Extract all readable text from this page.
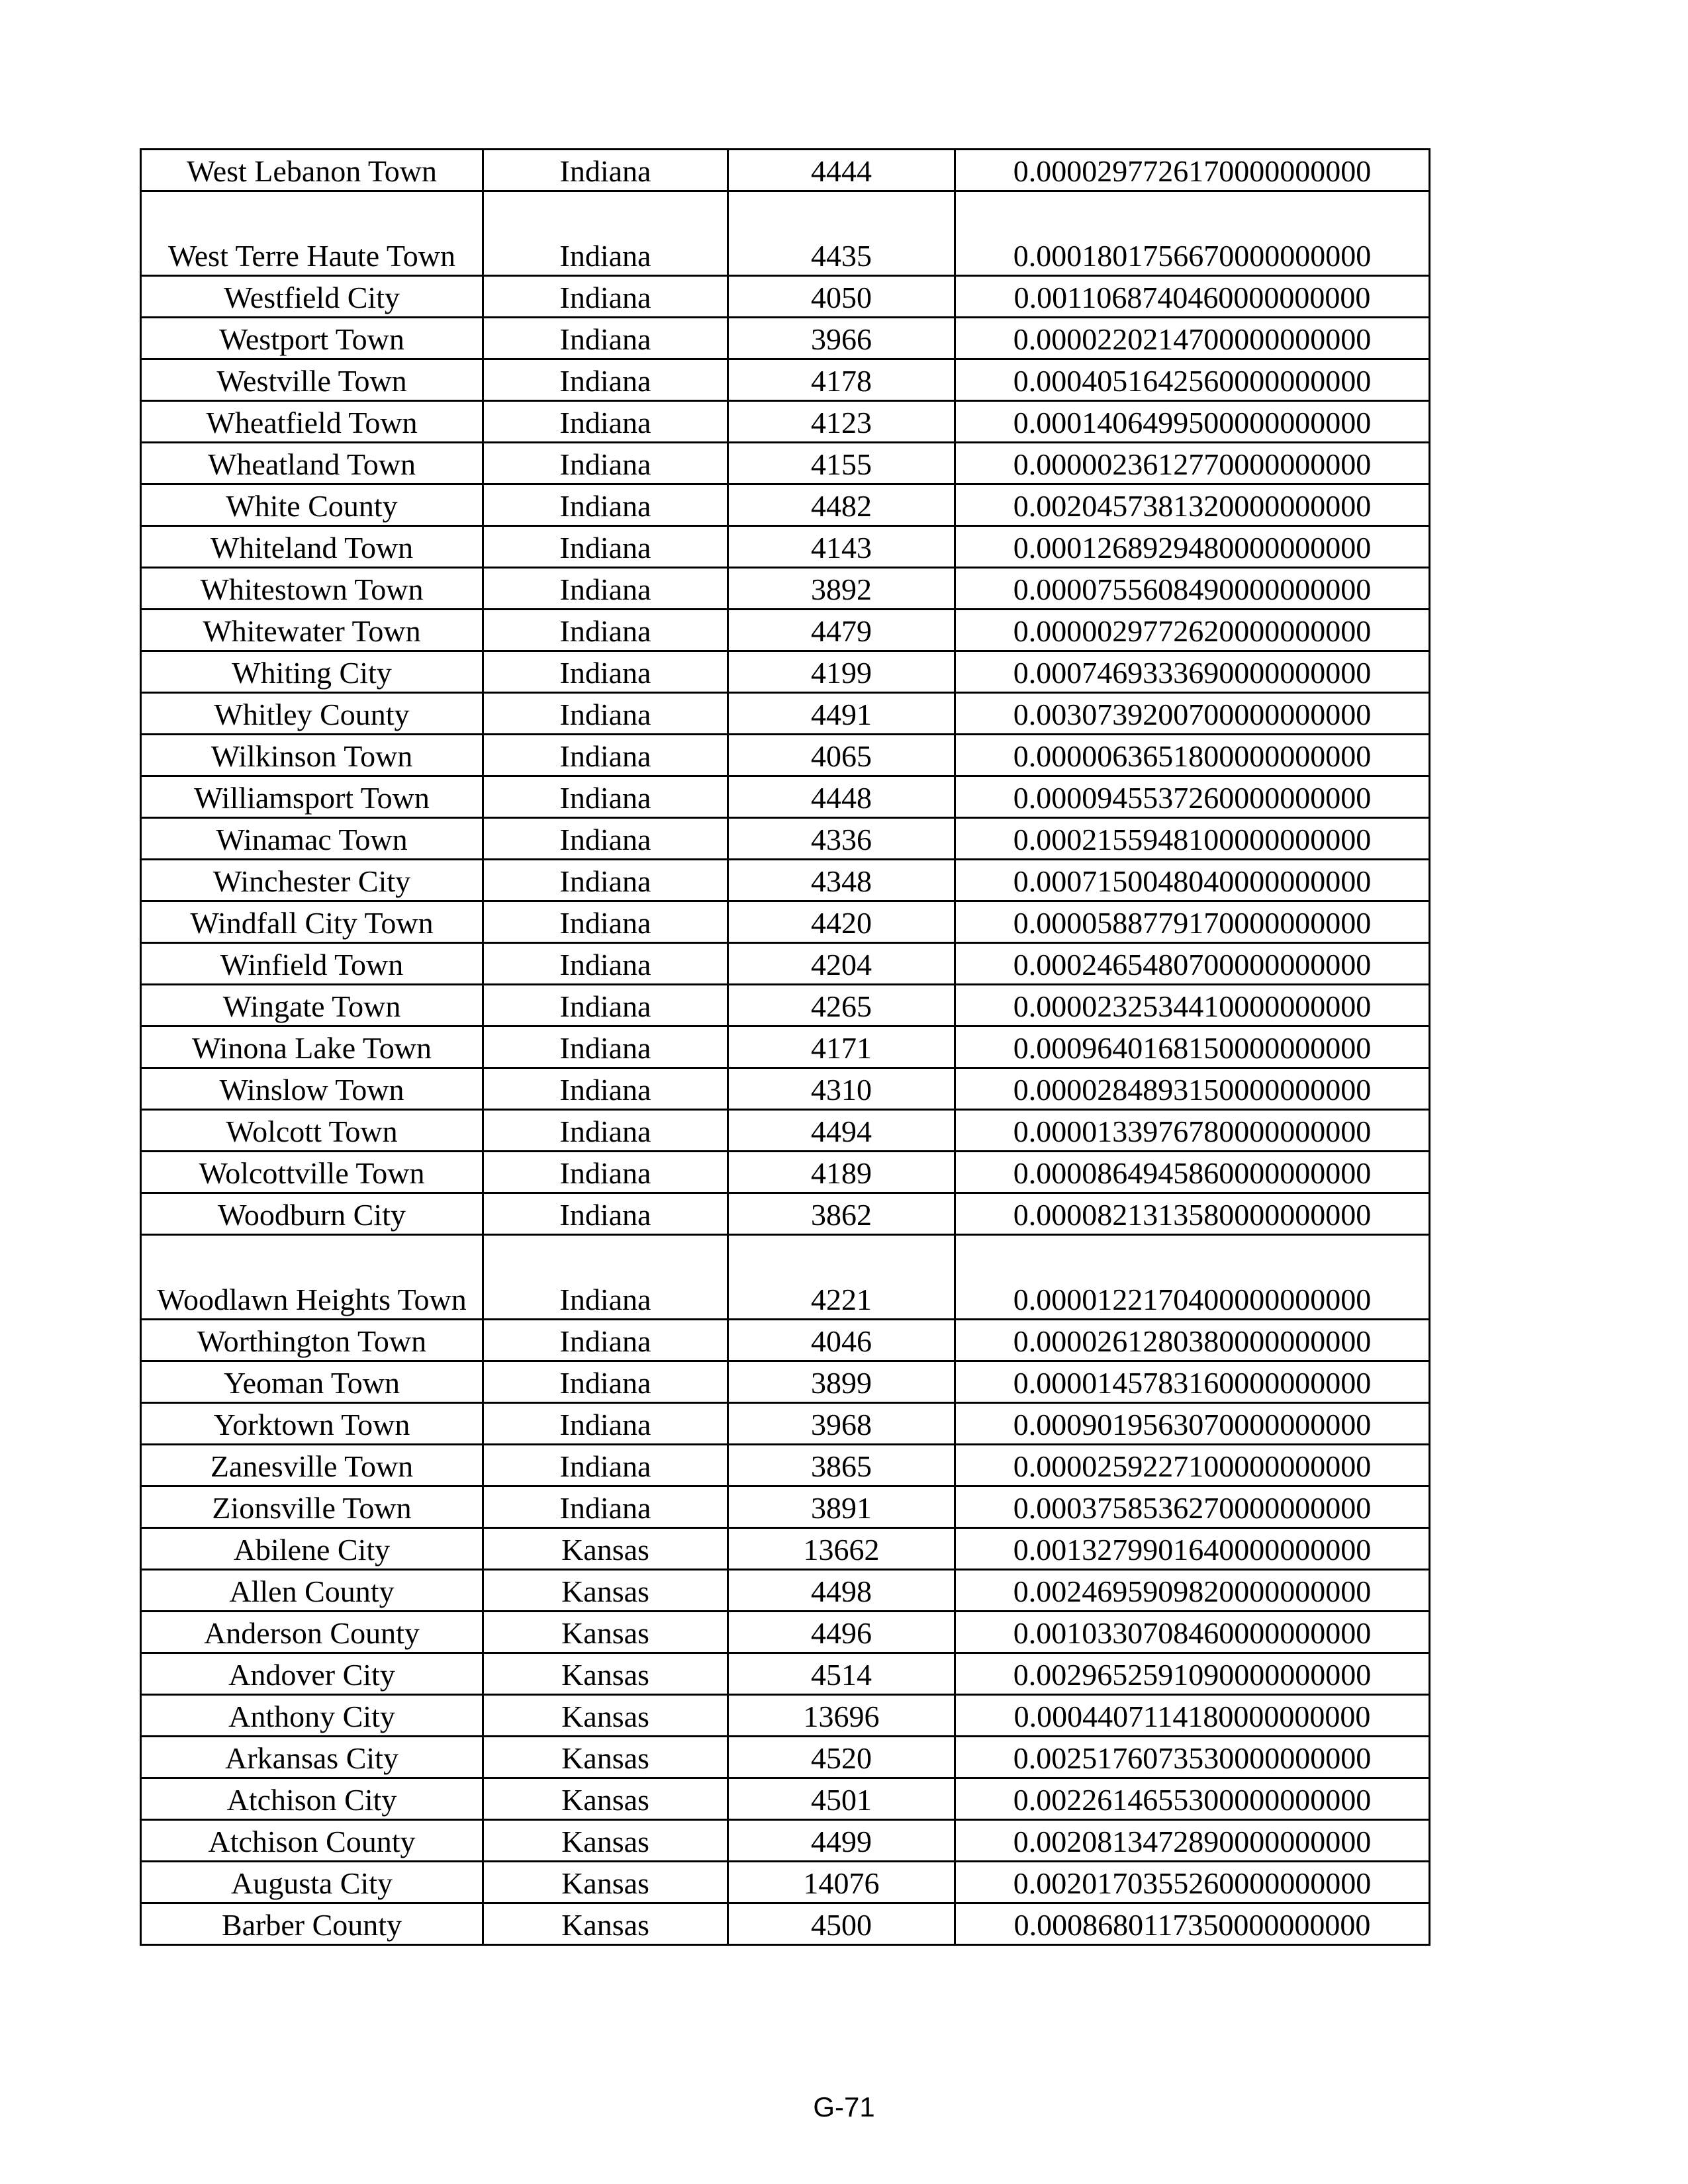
West Lebanon Town	Indiana	4444	0.0000297726170000000000
West Terre Haute Town	Indiana	4435	0.0001801756670000000000
Westfield City	Indiana	4050	0.0011068740460000000000
Westport Town	Indiana	3966	0.0000220214700000000000
Westville Town	Indiana	4178	0.0004051642560000000000
Wheatfield Town	Indiana	4123	0.0001406499500000000000
Wheatland Town	Indiana	4155	0.0000023612770000000000
White County	Indiana	4482	0.0020457381320000000000
Whiteland Town	Indiana	4143	0.0001268929480000000000
Whitestown Town	Indiana	3892	0.0000755608490000000000
Whitewater Town	Indiana	4479	0.0000029772620000000000
Whiting City	Indiana	4199	0.0007469333690000000000
Whitley County	Indiana	4491	0.0030739200700000000000
Wilkinson Town	Indiana	4065	0.0000063651800000000000
Williamsport Town	Indiana	4448	0.0000945537260000000000
Winamac Town	Indiana	4336	0.0002155948100000000000
Winchester City	Indiana	4348	0.0007150048040000000000
Windfall City Town	Indiana	4420	0.0000588779170000000000
Winfield Town	Indiana	4204	0.0002465480700000000000
Wingate Town	Indiana	4265	0.0000232534410000000000
Winona Lake Town	Indiana	4171	0.0009640168150000000000
Winslow Town	Indiana	4310	0.0000284893150000000000
Wolcott Town	Indiana	4494	0.0000133976780000000000
Wolcottville Town	Indiana	4189	0.0000864945860000000000
Woodburn City	Indiana	3862	0.0000821313580000000000
Woodlawn Heights Town	Indiana	4221	0.0000122170400000000000
Worthington Town	Indiana	4046	0.0000261280380000000000
Yeoman Town	Indiana	3899	0.0000145783160000000000
Yorktown Town	Indiana	3968	0.0009019563070000000000
Zanesville Town	Indiana	3865	0.0000259227100000000000
Zionsville Town	Indiana	3891	0.0003758536270000000000
Abilene City	Kansas	13662	0.0013279901640000000000
Allen County	Kansas	4498	0.0024695909820000000000
Anderson County	Kansas	4496	0.0010330708460000000000
Andover City	Kansas	4514	0.0029652591090000000000
Anthony City	Kansas	13696	0.0004407114180000000000
Arkansas City	Kansas	4520	0.0025176073530000000000
Atchison City	Kansas	4501	0.0022614655300000000000
Atchison County	Kansas	4499	0.0020813472890000000000
Augusta City	Kansas	14076	0.0020170355260000000000
Barber County	Kansas	4500	0.0008680117350000000000
G-71
